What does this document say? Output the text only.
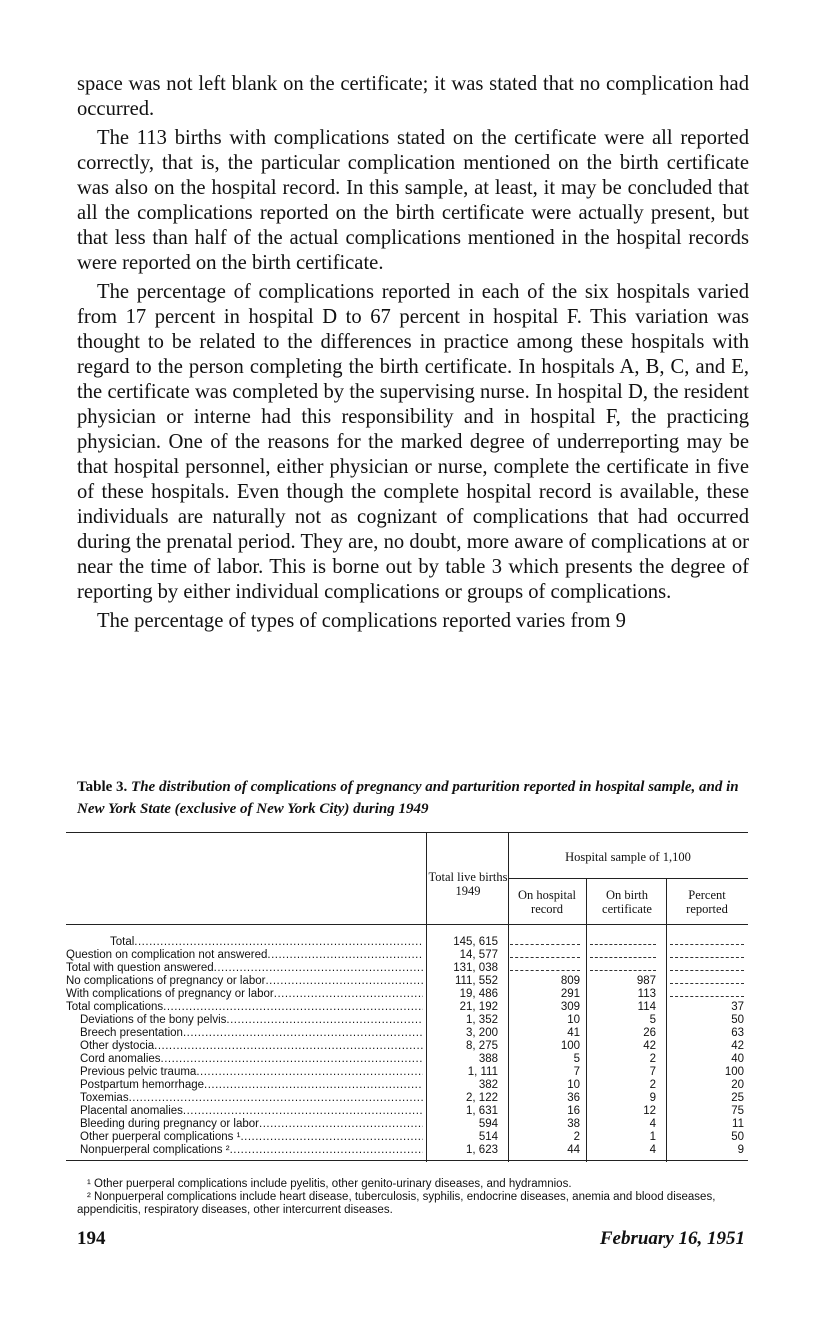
space was not left blank on the certificate; it was stated that no complication had occurred.

The 113 births with complications stated on the certificate were all reported correctly, that is, the particular complication mentioned on the birth certificate was also on the hospital record. In this sample, at least, it may be concluded that all the complications reported on the birth certificate were actually present, but that less than half of the actual complications mentioned in the hospital records were reported on the birth certificate.

The percentage of complications reported in each of the six hospitals varied from 17 percent in hospital D to 67 percent in hospital F. This variation was thought to be related to the differences in practice among these hospitals with regard to the person completing the birth certificate. In hospitals A, B, C, and E, the certificate was completed by the supervising nurse. In hospital D, the resident physician or interne had this responsibility and in hospital F, the practicing physician. One of the reasons for the marked degree of underreporting may be that hospital personnel, either physician or nurse, complete the certificate in five of these hospitals. Even though the complete hospital record is available, these individuals are naturally not as cognizant of complications that had occurred during the prenatal period. They are, no doubt, more aware of complications at or near the time of labor. This is borne out by table 3 which presents the degree of reporting by either individual complications or groups of complications.

The percentage of types of complications reported varies from 9

Table 3. The distribution of complications of pregnancy and parturition reported in hospital sample, and in New York State (exclusive of New York City) during 1949
Total live births 1949
Hospital sample of 1,100
On hospital record
On birth certificate
Percent reported
Total .....	145, 615
Question on complication not answered .....	14, 577
Total with question answered .....	131, 038
No complications of pregnancy or labor .....	111, 552	809	987
With complications of pregnancy or labor .....	19, 486	291	113
Total complications .....	21, 192	309	114	37
Deviations of the bony pelvis .....	1, 352	10	5	50
Breech presentation .....	3, 200	41	26	63
Other dystocia .....	8, 275	100	42	42
Cord anomalies .....	388	5	2	40
Previous pelvic trauma .....	1, 111	7	7	100
Postpartum hemorrhage .....	382	10	2	20
Toxemias .....	2, 122	36	9	25
Placental anomalies .....	1, 631	16	12	75
Bleeding during pregnancy or labor .....	594	38	4	11
Other puerperal complications ¹ .....	514	2	1	50
Nonpuerperal complications ² .....	1, 623	44	4	9

¹ Other puerperal complications include pyelitis, other genito-urinary diseases, and hydramnios.

² Nonpuerperal complications include heart disease, tuberculosis, syphilis, endocrine diseases, anemia and blood diseases, appendicitis, respiratory diseases, other intercurrent diseases.

194	February 16, 1951
